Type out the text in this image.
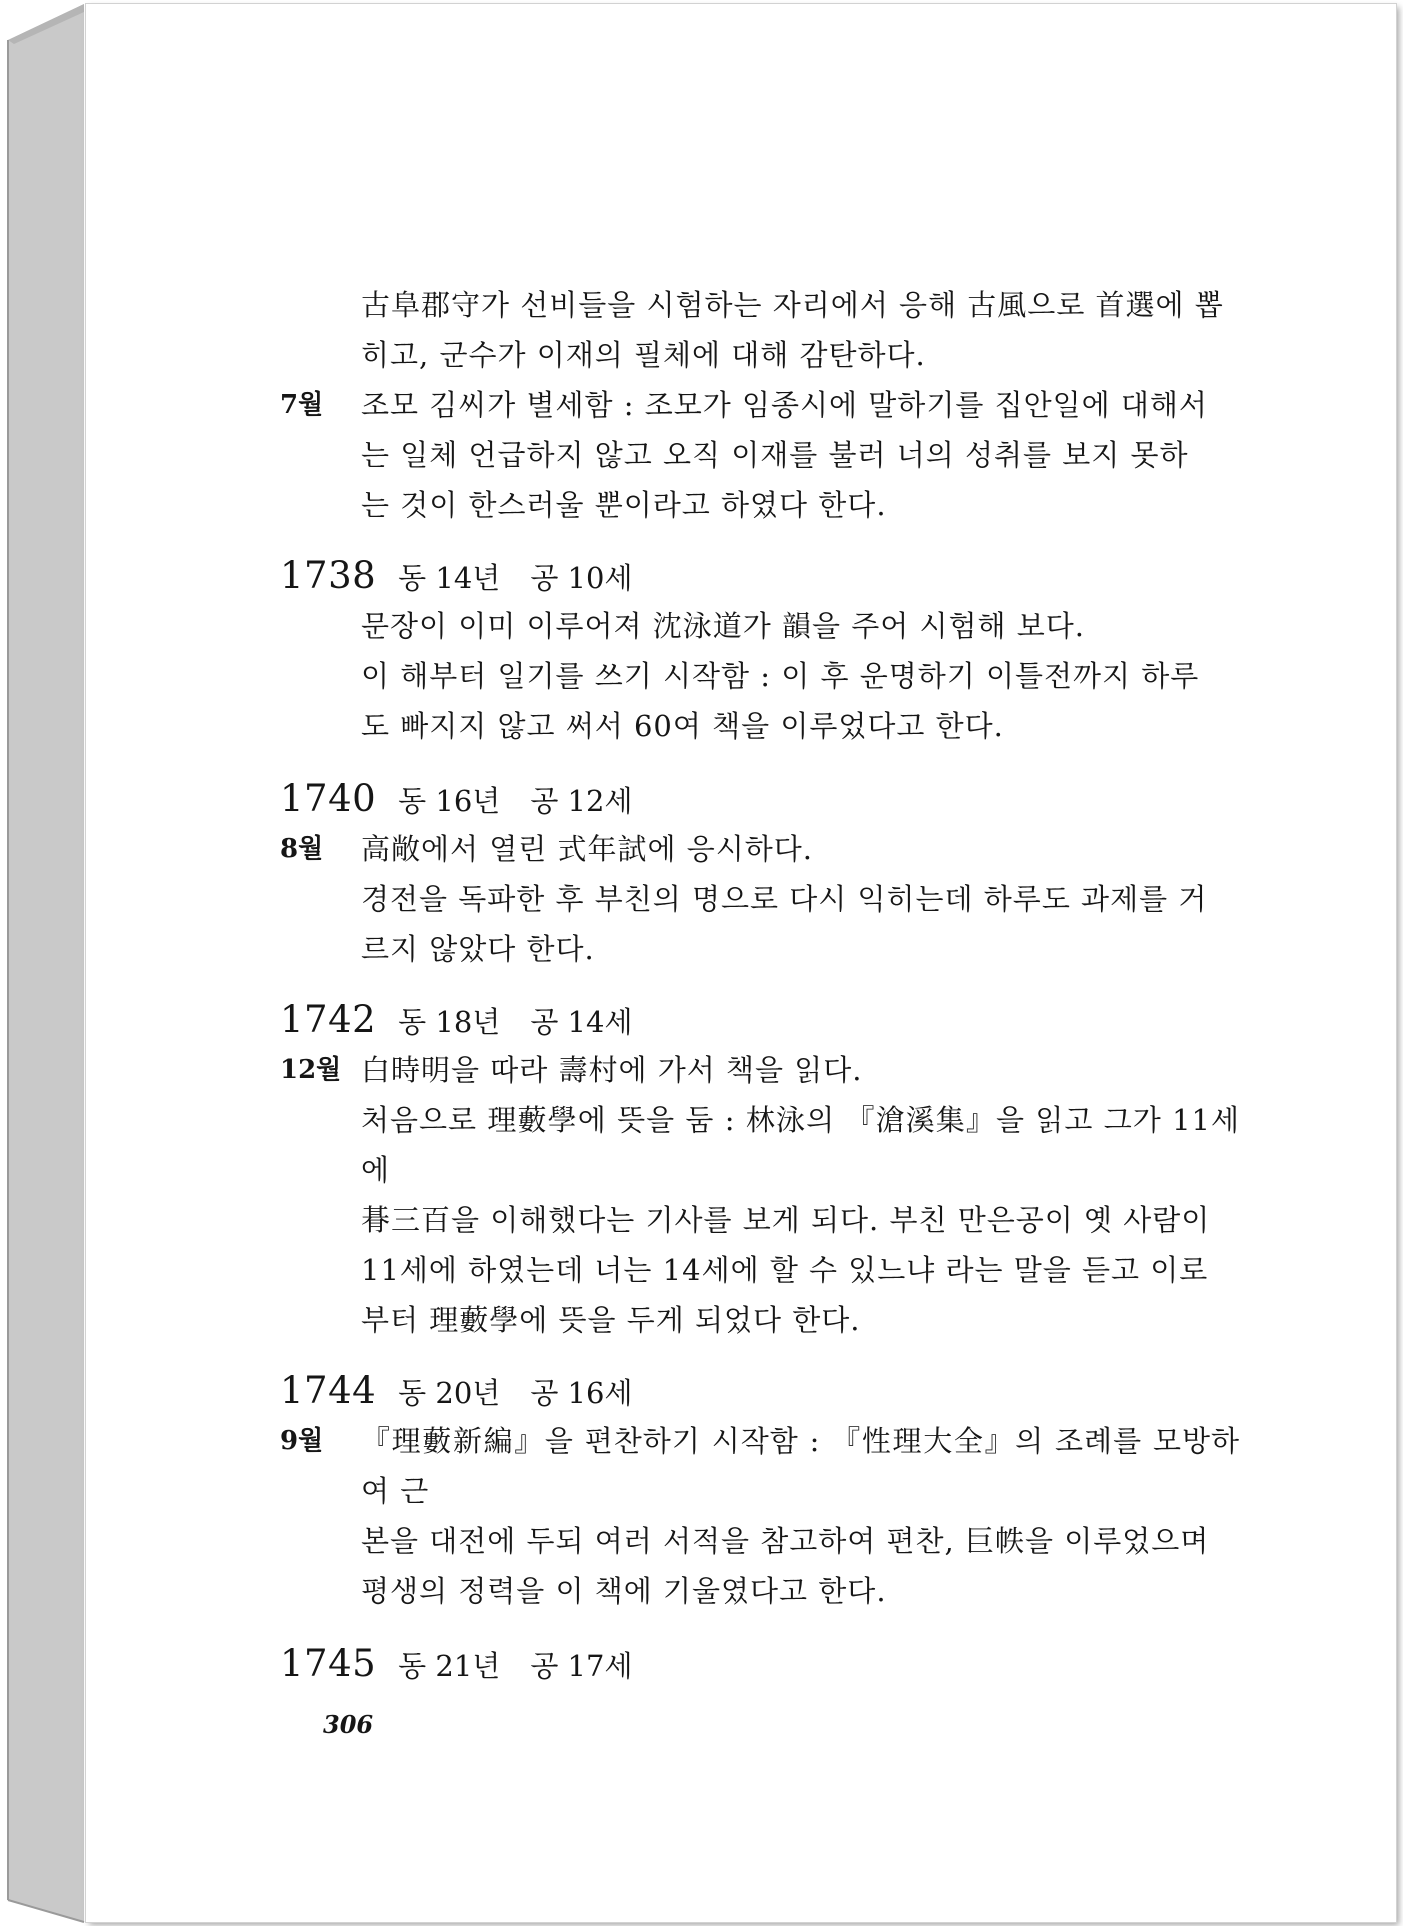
古阜郡守가 선비들을 시험하는 자리에서 응해 古風으로 首選에 뽑
히고, 군수가 이재의 필체에 대해 감탄하다.
7월	조모 김씨가 별세함 : 조모가 임종시에 말하기를 집안일에 대해서
는 일체 언급하지 않고 오직 이재를 불러 너의 성취를 보지 못하
는 것이 한스러울 뿐이라고 하였다 한다.
1738 동 14년 공 10세
문장이 이미 이루어져 沈泳道가 韻을 주어 시험해 보다.
이 해부터 일기를 쓰기 시작함 : 이 후 운명하기 이틀전까지 하루
도 빠지지 않고 써서 60여 책을 이루었다고 한다.
1740 동 16년 공 12세
8월	高敞에서 열린 式年試에 응시하다.
경전을 독파한 후 부친의 명으로 다시 익히는데 하루도 과제를 거
르지 않았다 한다.
1742 동 18년 공 14세
12월 白時明을 따라 壽村에 가서 책을 읽다.
처음으로 理藪學에 뜻을 둠 : 林泳의 『滄溪集』을 읽고 그가 11세에
朞三百을 이해했다는 기사를 보게 되다. 부친 만은공이 옛 사람이
11세에 하였는데 너는 14세에 할 수 있느냐 라는 말을 듣고 이로
부터 理藪學에 뜻을 두게 되었다 한다.
1744 동 20년 공 16세
9월	『理藪新編』을 편찬하기 시작함 : 『性理大全』의 조례를 모방하여 근
본을 대전에 두되 여러 서적을 참고하여 편찬, 巨帙을 이루었으며
평생의 정력을 이 책에 기울였다고 한다.
1745 동 21년 공 17세
306
